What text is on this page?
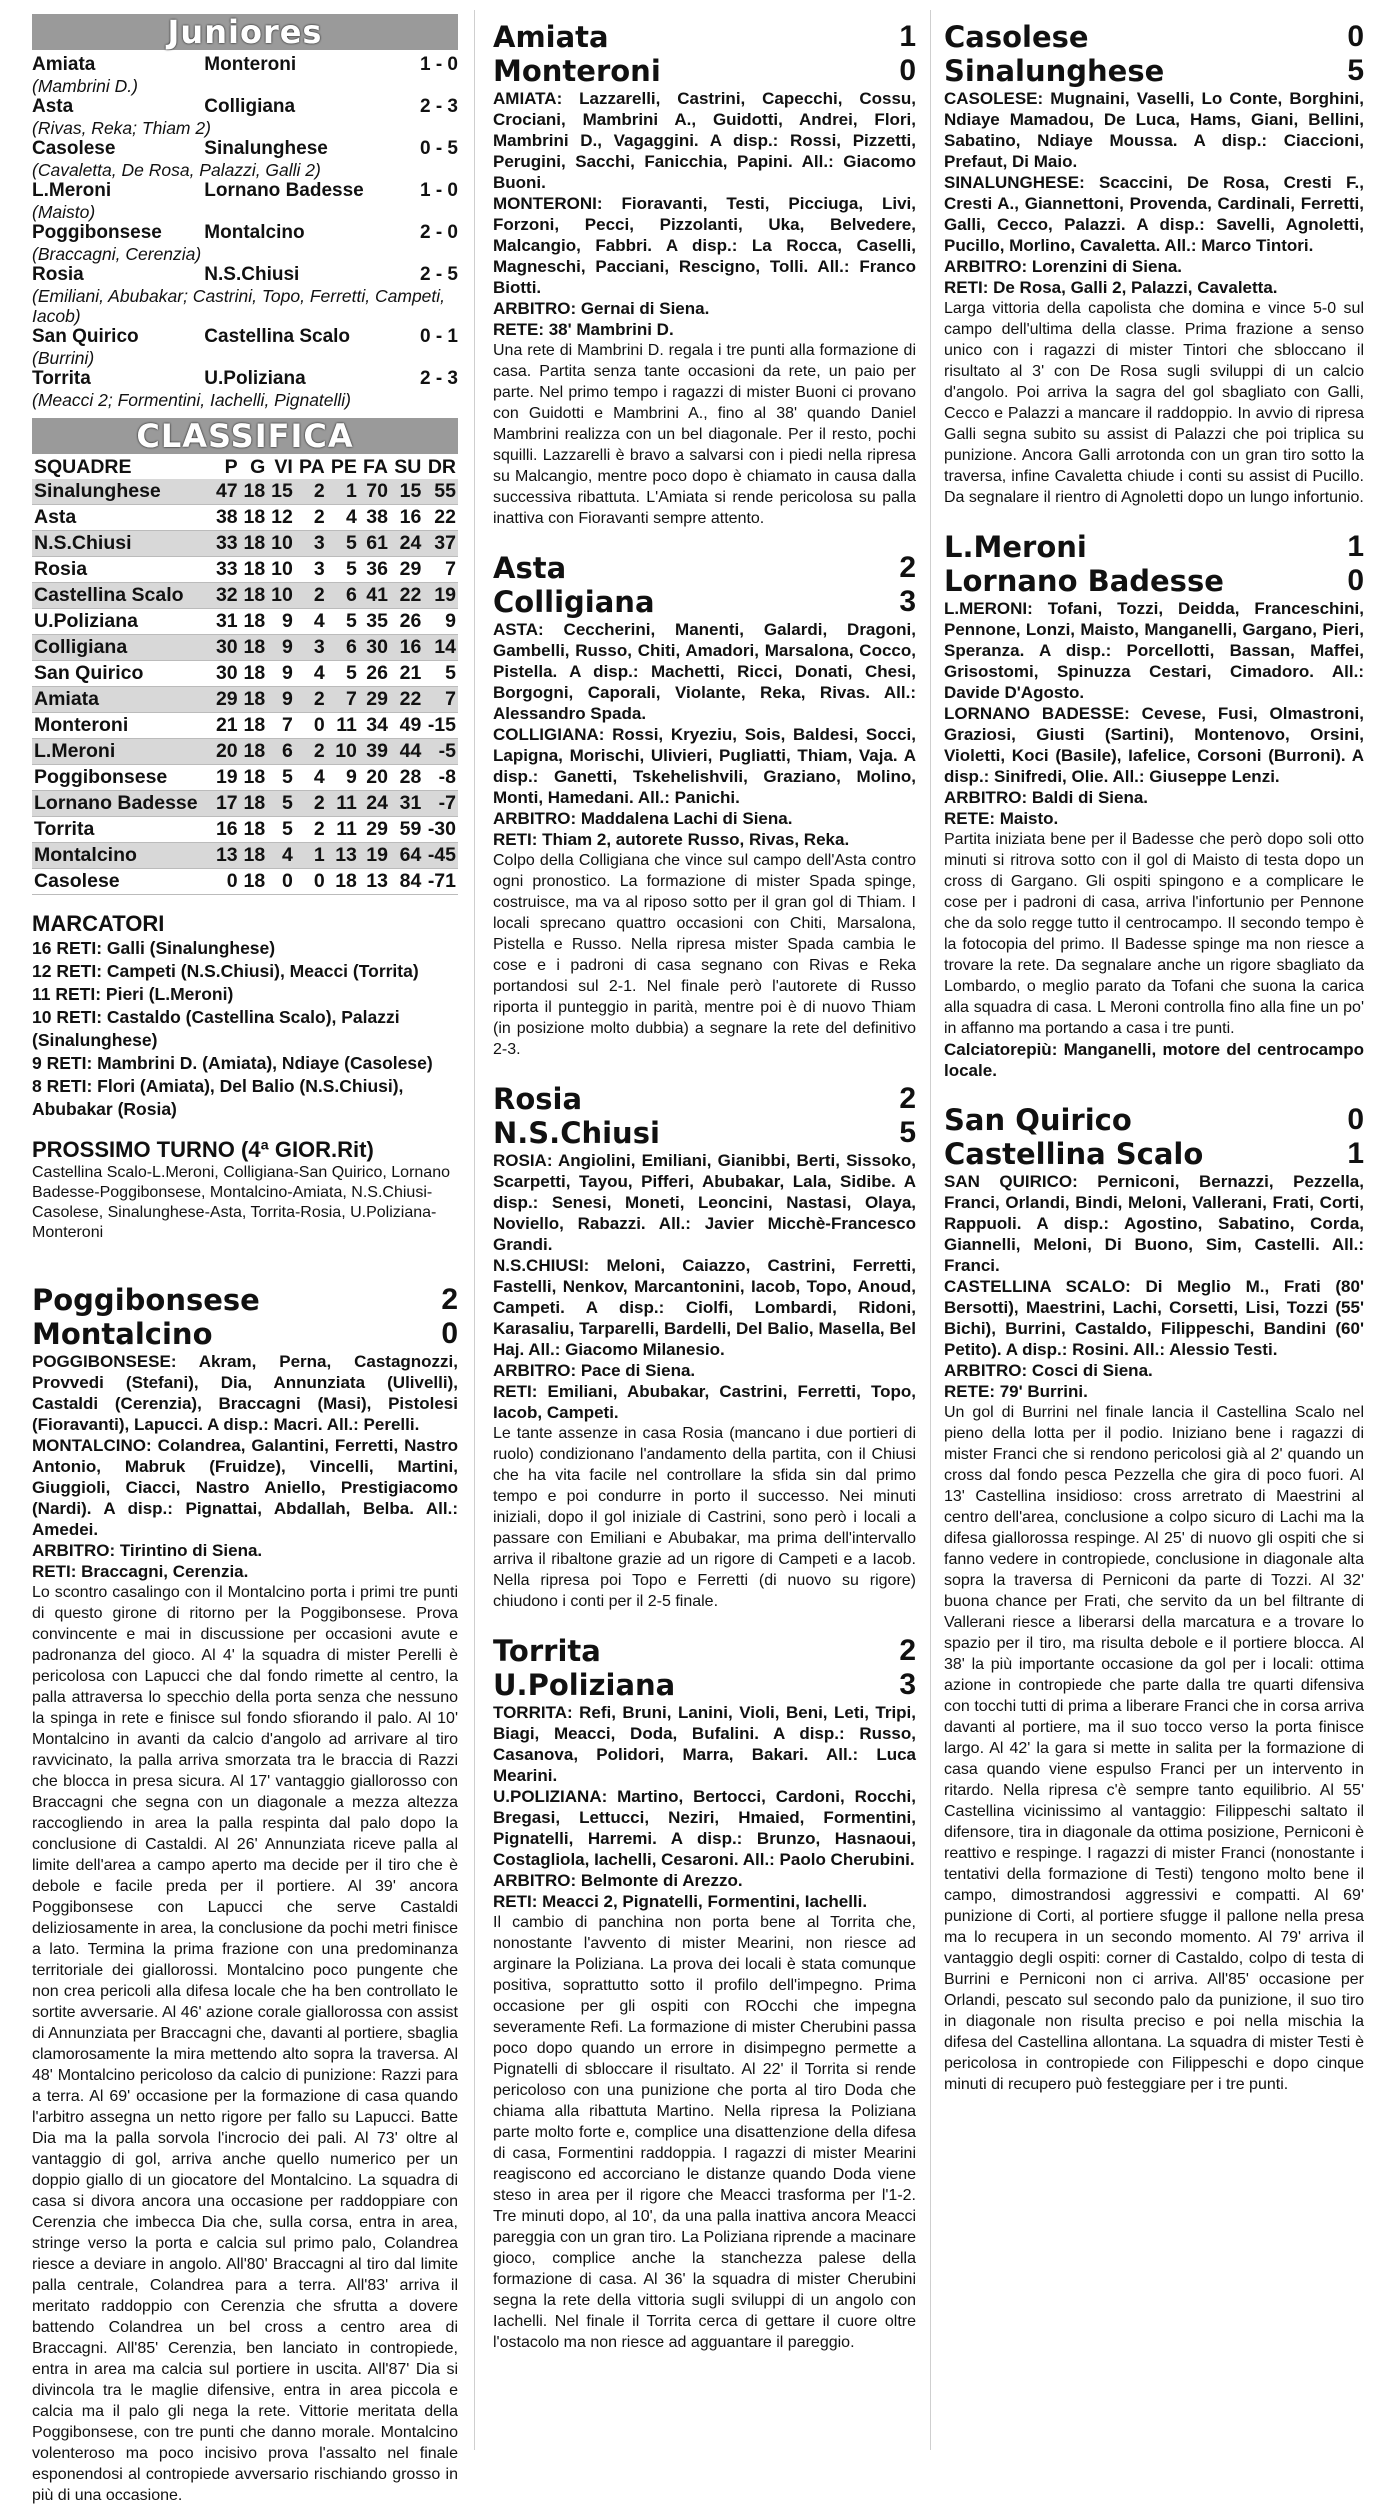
Juniores
Amiata	Monteroni	1 - 0
(Mambrini D.)		
Asta	Colligiana	2 - 3
(Rivas, Reka; Thiam 2)		
Casolese	Sinalunghese	0 - 5
(Cavaletta, De Rosa, Palazzi, Galli 2)		
L.Meroni	Lornano Badesse	1 - 0
(Maisto)		
Poggibonsese	Montalcino	2 - 0
(Braccagni, Cerenzia)		
Rosia	N.S.Chiusi	2 - 5
(Emiliani, Abubakar; Castrini, Topo, Ferretti, Campeti, Iacob)		
San Quirico	Castellina Scalo	0 - 1
(Burrini)		
Torrita	U.Poliziana	2 - 3
(Meacci 2; Formentini, Iachelli, Pignatelli)		
CLASSIFICA
SQUADRE	P	G	VI	PA	PE	FA	SU	DR
Sinalunghese	47	18	15	2	1	70	15	55
Asta	38	18	12	2	4	38	16	22
N.S.Chiusi	33	18	10	3	5	61	24	37
Rosia	33	18	10	3	5	36	29	7
Castellina Scalo	32	18	10	2	6	41	22	19
U.Poliziana	31	18	9	4	5	35	26	9
Colligiana	30	18	9	3	6	30	16	14
San Quirico	30	18	9	4	5	26	21	5
Amiata	29	18	9	2	7	29	22	7
Monteroni	21	18	7	0	11	34	49	-15
L.Meroni	20	18	6	2	10	39	44	-5
Poggibonsese	19	18	5	4	9	20	28	-8
Lornano Badesse	17	18	5	2	11	24	31	-7
Torrita	16	18	5	2	11	29	59	-30
Montalcino	13	18	4	1	13	19	64	-45
Casolese	0	18	0	0	18	13	84	-71
MARCATORI
16 RETI: Galli (Sinalunghese)
12 RETI: Campeti (N.S.Chiusi), Meacci (Torrita)
11 RETI: Pieri (L.Meroni)
10 RETI: Castaldo (Castellina Scalo), Palazzi (Sinalunghese)
9 RETI: Mambrini D. (Amiata), Ndiaye (Casolese)
8 RETI: Flori (Amiata), Del Balio (N.S.Chiusi), Abubakar (Rosia)
PROSSIMO TURNO (4ª GIOR.Rit)
Castellina Scalo-L.Meroni, Colligiana-San Quirico, Lornano Badesse-Poggibonsese, Montalcino-Amiata, N.S.Chiusi-Casolese, Sinalunghese-Asta, Torrita-Rosia, U.Poliziana-Monteroni
Poggibonsese	2
Montalcino	0

POGGIBONSESE: Akram, Perna, Castagnozzi, Provvedi (Stefani), Dia, Annunziata (Ulivelli), Castaldi (Cerenzia), Braccagni (Masi), Pistolesi (Fioravanti), Lapucci. A disp.: Macri. All.: Perelli.

MONTALCINO: Colandrea, Galantini, Ferretti, Nastro Antonio, Mabruk (Fruidze), Vincelli, Martini, Giuggioli, Ciacci, Nastro Aniello, Prestigiacomo (Nardi). A disp.: Pignattai, Abdallah, Belba. All.: Amedei.

ARBITRO: Tirintino di Siena.

RETI: Braccagni, Cerenzia.

Lo scontro casalingo con il Montalcino porta i primi tre punti di questo girone di ritorno per la Poggibonsese. Prova convincente e mai in discussione per occasioni avute e padronanza del gioco. Al 4' la squadra di mister Perelli è pericolosa con Lapucci che dal fondo rimette al centro, la palla attraversa lo specchio della porta senza che nessuno la spinga in rete e finisce sul fondo sfiorando il palo. Al 10' Montalcino in avanti da calcio d'angolo ad arrivare al tiro ravvicinato, la palla arriva smorzata tra le braccia di Razzi che blocca in presa sicura. Al 17' vantaggio giallorosso con Braccagni che segna con un diagonale a mezza altezza raccogliendo in area la palla respinta dal palo dopo la conclusione di Castaldi. Al 26' Annunziata riceve palla al limite dell'area a campo aperto ma decide per il tiro che è debole e facile preda per il portiere. Al 39' ancora Poggibonsese con Lapucci che serve Castaldi deliziosamente in area, la conclusione da pochi metri finisce a lato. Termina la prima frazione con una predominanza territoriale dei giallorossi. Montalcino poco pungente che non crea pericoli alla difesa locale che ha ben controllato le sortite avversarie. Al 46' azione corale giallorossa con assist di Annunziata per Braccagni che, davanti al portiere, sbaglia clamorosamente la mira mettendo alto sopra la traversa. Al 48' Montalcino pericoloso da calcio di punizione: Razzi para a terra. Al 69' occasione per la formazione di casa quando l'arbitro assegna un netto rigore per fallo su Lapucci. Batte Dia ma la palla sorvola l'incrocio dei pali. Al 73' oltre al vantaggio di gol, arriva anche quello numerico per un doppio giallo di un giocatore del Montalcino. La squadra di casa si divora ancora una occasione per raddoppiare con Cerenzia che imbecca Dia che, sulla corsa, entra in area, stringe verso la porta e calcia sul primo palo, Colandrea riesce a deviare in angolo. All'80' Braccagni al tiro dal limite palla centrale, Colandrea para a terra. All'83' arriva il meritato raddoppio con Cerenzia che sfrutta a dovere battendo Colandrea un bel cross a centro area di Braccagni. All'85' Cerenzia, ben lanciato in contropiede, entra in area ma calcia sul portiere in uscita. All'87' Dia si divincola tra le maglie difensive, entra in area piccola e calcia ma il palo gli nega la rete. Vittorie meritata della Poggibonsese, con tre punti che danno morale. Montalcino volenteroso ma poco incisivo prova l'assalto nel finale esponendosi al contropiede avversario rischiando grosso in più di una occasione.

Amiata	1
Monteroni	0

AMIATA: Lazzarelli, Castrini, Capecchi, Cossu, Crociani, Mambrini A., Guidotti, Andrei, Flori, Mambrini D., Vagaggini. A disp.: Rossi, Pizzetti, Perugini, Sacchi, Fanicchia, Papini. All.: Giacomo Buoni.

MONTERONI: Fioravanti, Testi, Picciuga, Livi, Forzoni, Pecci, Pizzolanti, Uka, Belvedere, Malcangio, Fabbri. A disp.: La Rocca, Caselli, Magneschi, Pacciani, Rescigno, Tolli. All.: Franco Biotti.

ARBITRO: Gernai di Siena.

RETE: 38' Mambrini D.

Una rete di Mambrini D. regala i tre punti alla formazione di casa. Partita senza tante occasioni da rete, un paio per parte. Nel primo tempo i ragazzi di mister Buoni ci provano con Guidotti e Mambrini A., fino al 38' quando Daniel Mambrini realizza con un bel diagonale. Per il resto, pochi squilli. Lazzarelli è bravo a salvarsi con i piedi nella ripresa su Malcangio, mentre poco dopo è chiamato in causa dalla successiva ribattuta. L'Amiata si rende pericolosa su palla inattiva con Fioravanti sempre attento.

Asta	2
Colligiana	3

ASTA: Ceccherini, Manenti, Galardi, Dragoni, Gambelli, Russo, Chiti, Amadori, Marsalona, Cocco, Pistella. A disp.: Machetti, Ricci, Donati, Chesi, Borgogni, Caporali, Violante, Reka, Rivas. All.: Alessandro Spada.

COLLIGIANA: Rossi, Kryeziu, Sois, Baldesi, Socci, Lapigna, Morischi, Ulivieri, Pugliatti, Thiam, Vaja. A disp.: Ganetti, Tskehelishvili, Graziano, Molino, Monti, Hamedani. All.: Panichi.

ARBITRO: Maddalena Lachi di Siena.

RETI: Thiam 2, autorete Russo, Rivas, Reka.

Colpo della Colligiana che vince sul campo dell'Asta contro ogni pronostico. La formazione di mister Spada spinge, costruisce, ma va al riposo sotto per il gran gol di Thiam. I locali sprecano quattro occasioni con Chiti, Marsalona, Pistella e Russo. Nella ripresa mister Spada cambia le cose e i padroni di casa segnano con Rivas e Reka portandosi sul 2-1. Nel finale però l'autorete di Russo riporta il punteggio in parità, mentre poi è di nuovo Thiam (in posizione molto dubbia) a segnare la rete del definitivo 2-3.

Rosia	2
N.S.Chiusi	5

ROSIA: Angiolini, Emiliani, Gianibbi, Berti, Sissoko, Scarpetti, Tayou, Pifferi, Abubakar, Lala, Sidibe. A disp.: Senesi, Moneti, Leoncini, Nastasi, Olaya, Noviello, Rabazzi. All.: Javier Micchè-Francesco Grandi.

N.S.CHIUSI: Meloni, Caiazzo, Castrini, Ferretti, Fastelli, Nenkov, Marcantonini, Iacob, Topo, Anoud, Campeti. A disp.: Ciolfi, Lombardi, Ridoni, Karasaliu, Tarparelli, Bardelli, Del Balio, Masella, Bel Haj. All.: Giacomo Milanesio.

ARBITRO: Pace di Siena.

RETI: Emiliani, Abubakar, Castrini, Ferretti, Topo, Iacob, Campeti.

Le tante assenze in casa Rosia (mancano i due portieri di ruolo) condizionano l'andamento della partita, con il Chiusi che ha vita facile nel controllare la sfida sin dal primo tempo e poi condurre in porto il successo. Nei minuti iniziali, dopo il gol iniziale di Castrini, sono però i locali a passare con Emiliani e Abubakar, ma prima dell'intervallo arriva il ribaltone grazie ad un rigore di Campeti e a Iacob. Nella ripresa poi Topo e Ferretti (di nuovo su rigore) chiudono i conti per il 2-5 finale.

Torrita	2
U.Poliziana	3

TORRITA: Refi, Bruni, Lanini, Violi, Beni, Leti, Tripi, Biagi, Meacci, Doda, Bufalini. A disp.: Russo, Casanova, Polidori, Marra, Bakari. All.: Luca Mearini.

U.POLIZIANA: Martino, Bertocci, Cardoni, Rocchi, Bregasi, Lettucci, Neziri, Hmaied, Formentini, Pignatelli, Harremi. A disp.: Brunzo, Hasnaoui, Costagliola, Iachelli, Cesaroni. All.: Paolo Cherubini.

ARBITRO: Belmonte di Arezzo.

RETI: Meacci 2, Pignatelli, Formentini, Iachelli.

Il cambio di panchina non porta bene al Torrita che, nonostante l'avvento di mister Mearini, non riesce ad arginare la Poliziana. La prova dei locali è stata comunque positiva, soprattutto sotto il profilo dell'impegno. Prima occasione per gli ospiti con ROcchi che impegna severamente Refi. La formazione di mister Cherubini passa poco dopo quando un errore in disimpegno permette a Pignatelli di sbloccare il risultato. Al 22' il Torrita si rende pericoloso con una punizione che porta al tiro Doda che chiama alla ribattuta Martino. Nella ripresa la Poliziana parte molto forte e, complice una disattenzione della difesa di casa, Formentini raddoppia. I ragazzi di mister Mearini reagiscono ed accorciano le distanze quando Doda viene steso in area per il rigore che Meacci trasforma per l'1-2. Tre minuti dopo, al 10', da una palla inattiva ancora Meacci pareggia con un gran tiro. La Poliziana riprende a macinare gioco, complice anche la stanchezza palese della formazione di casa. Al 36' la squadra di mister Cherubini segna la rete della vittoria sugli sviluppi di un angolo con Iachelli. Nel finale il Torrita cerca di gettare il cuore oltre l'ostacolo ma non riesce ad agguantare il pareggio.

Casolese	0
Sinalunghese	5

CASOLESE: Mugnaini, Vaselli, Lo Conte, Borghini, Ndiaye Mamadou, De Luca, Hams, Giani, Bellini, Sabatino, Ndiaye Moussa. A disp.: Ciaccioni, Prefaut, Di Maio.

SINALUNGHESE: Scaccini, De Rosa, Cresti F., Cresti A., Giannettoni, Provenda, Cardinali, Ferretti, Galli, Cecco, Palazzi. A disp.: Savelli, Agnoletti, Pucillo, Morlino, Cavaletta. All.: Marco Tintori.

ARBITRO: Lorenzini di Siena.

RETI: De Rosa, Galli 2, Palazzi, Cavaletta.

Larga vittoria della capolista che domina e vince 5-0 sul campo dell'ultima della classe. Prima frazione a senso unico con i ragazzi di mister Tintori che sbloccano il risultato al 3' con De Rosa sugli sviluppi di un calcio d'angolo. Poi arriva la sagra del gol sbagliato con Galli, Cecco e Palazzi a mancare il raddoppio. In avvio di ripresa Galli segna subito su assist di Palazzi che poi triplica su punizione. Ancora Galli arrotonda con un gran tiro sotto la traversa, infine Cavaletta chiude i conti su assist di Pucillo. Da segnalare il rientro di Agnoletti dopo un lungo infortunio.

L.Meroni	1
Lornano Badesse	0

L.MERONI: Tofani, Tozzi, Deidda, Franceschini, Pennone, Lonzi, Maisto, Manganelli, Gargano, Pieri, Speranza. A disp.: Porcellotti, Bassan, Maffei, Grisostomi, Spinuzza Cestari, Cimadoro. All.: Davide D'Agosto.

LORNANO BADESSE: Cevese, Fusi, Olmastroni, Graziosi, Giusti (Sartini), Montenovo, Orsini, Violetti, Koci (Basile), Iafelice, Corsoni (Burroni). A disp.: Sinifredi, Olie. All.: Giuseppe Lenzi.

ARBITRO: Baldi di Siena.

RETE: Maisto.

Partita iniziata bene per il Badesse che però dopo soli otto minuti si ritrova sotto con il gol di Maisto di testa dopo un cross di Gargano. Gli ospiti spingono e a complicare le cose per i padroni di casa, arriva l'infortunio per Pennone che da solo regge tutto il centrocampo. Il secondo tempo è la fotocopia del primo. Il Badesse spinge ma non riesce a trovare la rete. Da segnalare anche un rigore sbagliato da Lombardo, o meglio parato da Tofani che suona la carica alla squadra di casa. L Meroni controlla fino alla fine un po' in affanno ma portando a casa i tre punti.

Calciatorepiù: Manganelli, motore del centrocampo locale.

San Quirico	0
Castellina Scalo	1

SAN QUIRICO: Perniconi, Bernazzi, Pezzella, Franci, Orlandi, Bindi, Meloni, Vallerani, Frati, Corti, Rappuoli. A disp.: Agostino, Sabatino, Corda, Giannelli, Meloni, Di Buono, Sim, Castelli. All.: Franci.

CASTELLINA SCALO: Di Meglio M., Frati (80' Bersotti), Maestrini, Lachi, Corsetti, Lisi, Tozzi (55' Bichi), Burrini, Castaldo, Filippeschi, Bandini (60' Petito). A disp.: Rosini. All.: Alessio Testi.

ARBITRO: Cosci di Siena.

RETE: 79' Burrini.

Un gol di Burrini nel finale lancia il Castellina Scalo nel pieno della lotta per il podio. Iniziano bene i ragazzi di mister Franci che si rendono pericolosi già al 2' quando un cross dal fondo pesca Pezzella che gira di poco fuori. Al 13' Castellina insidioso: cross arretrato di Maestrini al centro dell'area, conclusione a colpo sicuro di Lachi ma la difesa giallorossa respinge. Al 25' di nuovo gli ospiti che si fanno vedere in contropiede, conclusione in diagonale alta sopra la traversa di Perniconi da parte di Tozzi. Al 32' buona chance per Frati, che servito da un bel filtrante di Vallerani riesce a liberarsi della marcatura e a trovare lo spazio per il tiro, ma risulta debole e il portiere blocca. Al 38' la più importante occasione da gol per i locali: ottima azione in contropiede che parte dalla tre quarti difensiva con tocchi tutti di prima a liberare Franci che in corsa arriva davanti al portiere, ma il suo tocco verso la porta finisce largo. Al 42' la gara si mette in salita per la formazione di casa quando viene espulso Franci per un intervento in ritardo. Nella ripresa c'è sempre tanto equilibrio. Al 55' Castellina vicinissimo al vantaggio: Filippeschi saltato il difensore, tira in diagonale da ottima posizione, Perniconi è reattivo e respinge. I ragazzi di mister Franci (nonostante i tentativi della formazione di Testi) tengono molto bene il campo, dimostrandosi aggressivi e compatti. Al 69' punizione di Corti, al portiere sfugge il pallone nella presa ma lo recupera in un secondo momento. Al 79' arriva il vantaggio degli ospiti: corner di Castaldo, colpo di testa di Burrini e Perniconi non ci arriva. All'85' occasione per Orlandi, pescato sul secondo palo da punizione, il suo tiro in diagonale non risulta preciso e poi nella mischia la difesa del Castellina allontana. La squadra di mister Testi è pericolosa in contropiede con Filippeschi e dopo cinque minuti di recupero può festeggiare per i tre punti.
